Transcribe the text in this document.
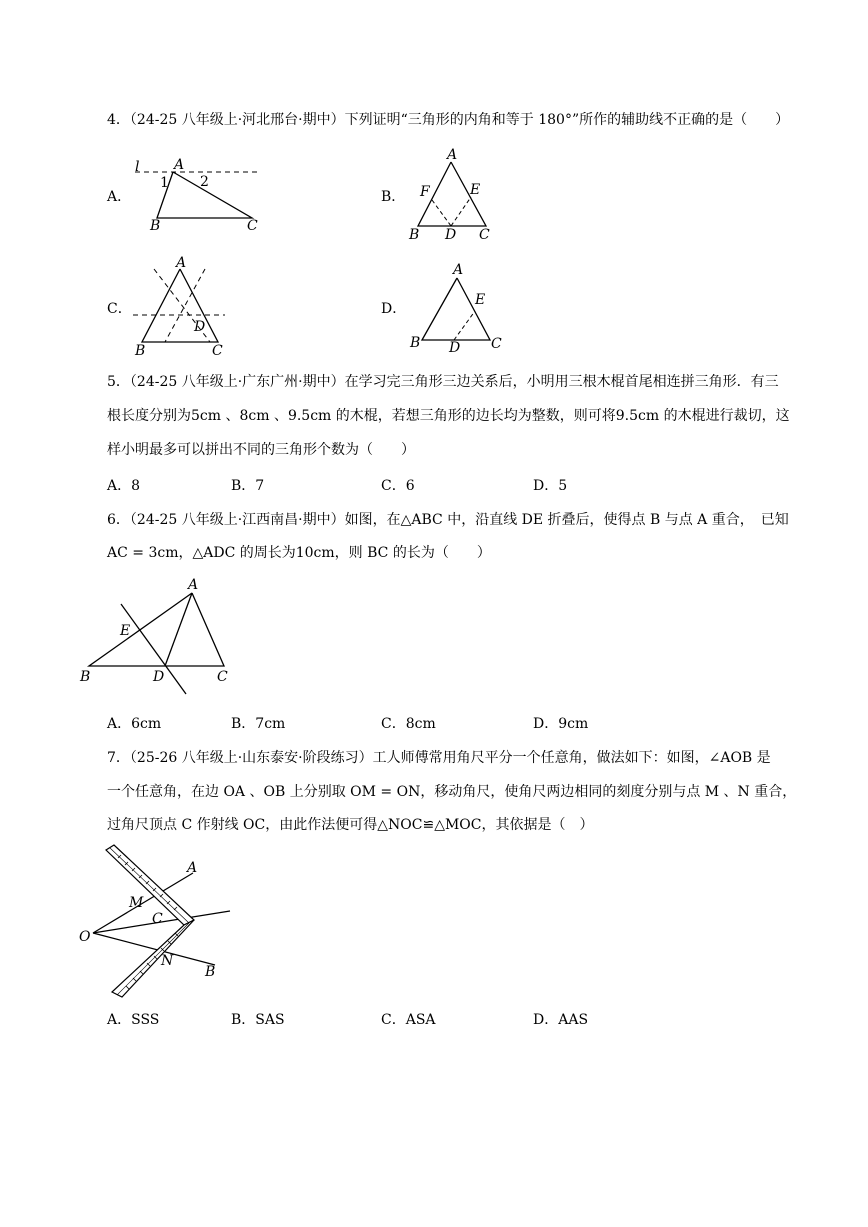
4．（24-25 八年级上·河北邢台·期中）下列证明“三角形的内角和等于 180°”所作的辅助线不正确的是（　　）
A．
l A
1 2
B	C
B．
A
F	E
B D C
C．
A
D
B	C
D．
A
E
B D C
5．（24-25 八年级上·广东广州·期中）在学习完三角形三边关系后，小明用三根木棍首尾相连拼三角形．有三
根长度分别为5cm 、8cm 、9.5cm 的木棍，若想三角形的边长均为整数，则可将9.5cm 的木棍进行裁切，这
样小明最多可以拼出不同的三角形个数为（　　）
A．8	B．7	C．6	D．5
6．（24-25 八年级上·江西南昌·期中）如图，在△ABC 中，沿直线 DE 折叠后，使得点 B 与点 A 重合，　已知
AC = 3cm，△ADC 的周长为10cm，则 BC 的长为（　　）
A
E
B	D	C
A．6cm	B．7cm	C．8cm	D．9cm
7．（25-26 八年级上·山东泰安·阶段练习）工人师傅常用角尺平分一个任意角，做法如下：如图，∠AOB 是
一个任意角，在边 OA 、OB 上分别取 OM = ON，移动角尺，使角尺两边相同的刻度分别与点 M 、N 重合，
过角尺顶点 C 作射线 OC，由此作法便可得△NOC≌△MOC，其依据是（　）
A
M
C
O
N
B
A．SSS	B．SAS	C．ASA	D．AAS
